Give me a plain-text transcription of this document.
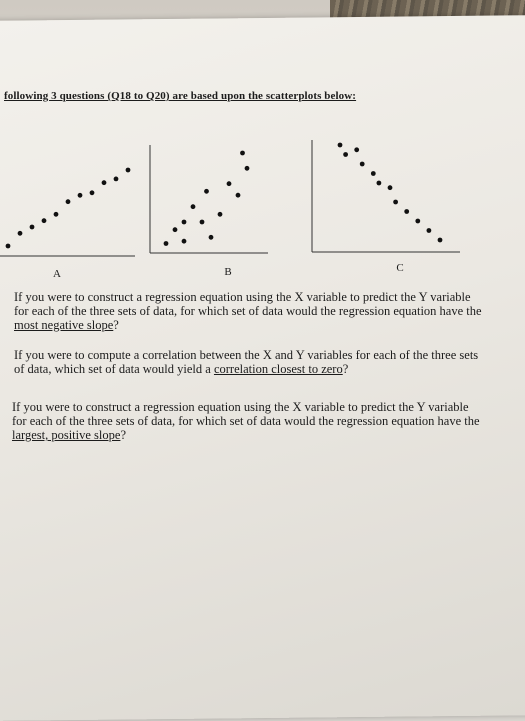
following 3 questions (Q18 to Q20) are based upon the scatterplots below:
A	B	C
If you were to construct a regression equation using the X variable to predict the Y variable
for each of the three sets of data, for which set of data would the regression equation have the
most negative slope?
If you were to compute a correlation between the X and Y variables for each of the three sets
of data, which set of data would yield a correlation closest to zero?
If you were to construct a regression equation using the X variable to predict the Y variable
for each of the three sets of data, for which set of data would the regression equation have the
largest, positive slope?
